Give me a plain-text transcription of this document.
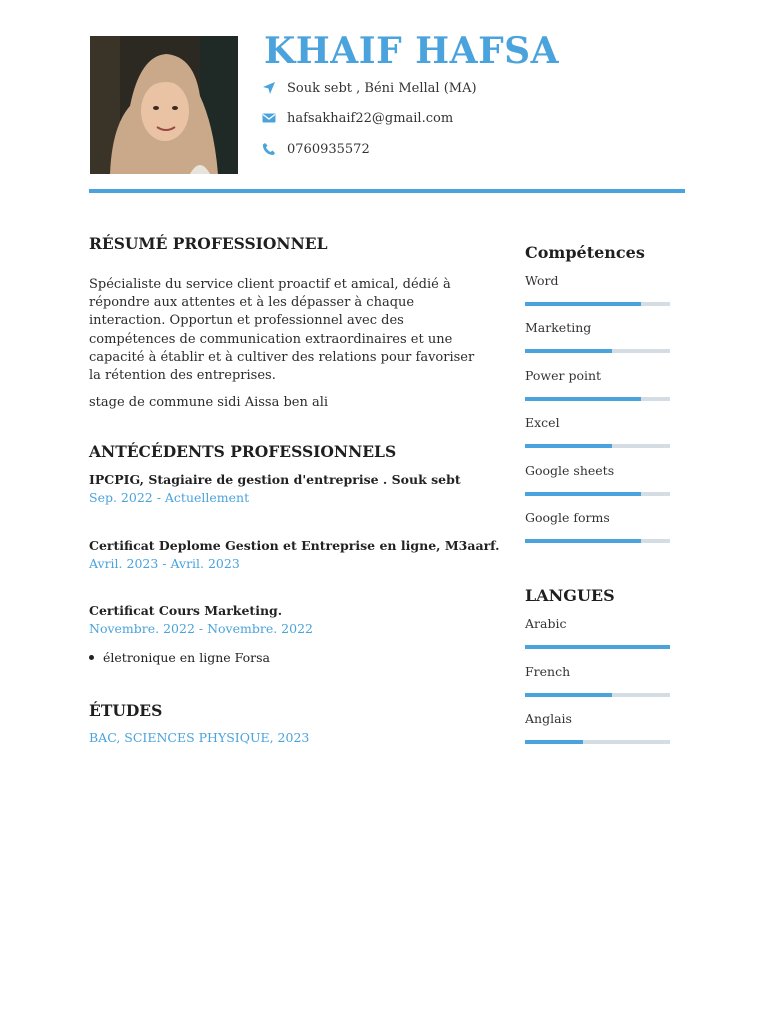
KHAIF HAFSA
Souk sebt , Béni Mellal (MA)
hafsakhaif22@gmail.com
0760935572
RÉSUMÉ PROFESSIONNEL

Spécialiste du service client proactif et amical, dédié à répondre aux attentes et à les dépasser à chaque interaction. Opportun et professionnel avec des compétences de communication extraordinaires et une capacité à établir et à cultiver des relations pour favoriser la rétention des entreprises.

stage de commune sidi Aissa ben ali
ANTÉCÉDENTS PROFESSIONNELS
IPCPIG, Stagiaire de gestion d'entreprise . Souk sebt
Sep. 2022 - Actuellement
Certificat Deplome Gestion et Entreprise en ligne, M3aarf.
Avril. 2023 - Avril. 2023
Certificat Cours Marketing.
Novembre. 2022 - Novembre. 2022
életronique en ligne Forsa
ÉTUDES
BAC, SCIENCES PHYSIQUE, 2023
Compétences
Word
Marketing
Power point
Excel
Google sheets
Google forms
LANGUES
Arabic
French
Anglais
